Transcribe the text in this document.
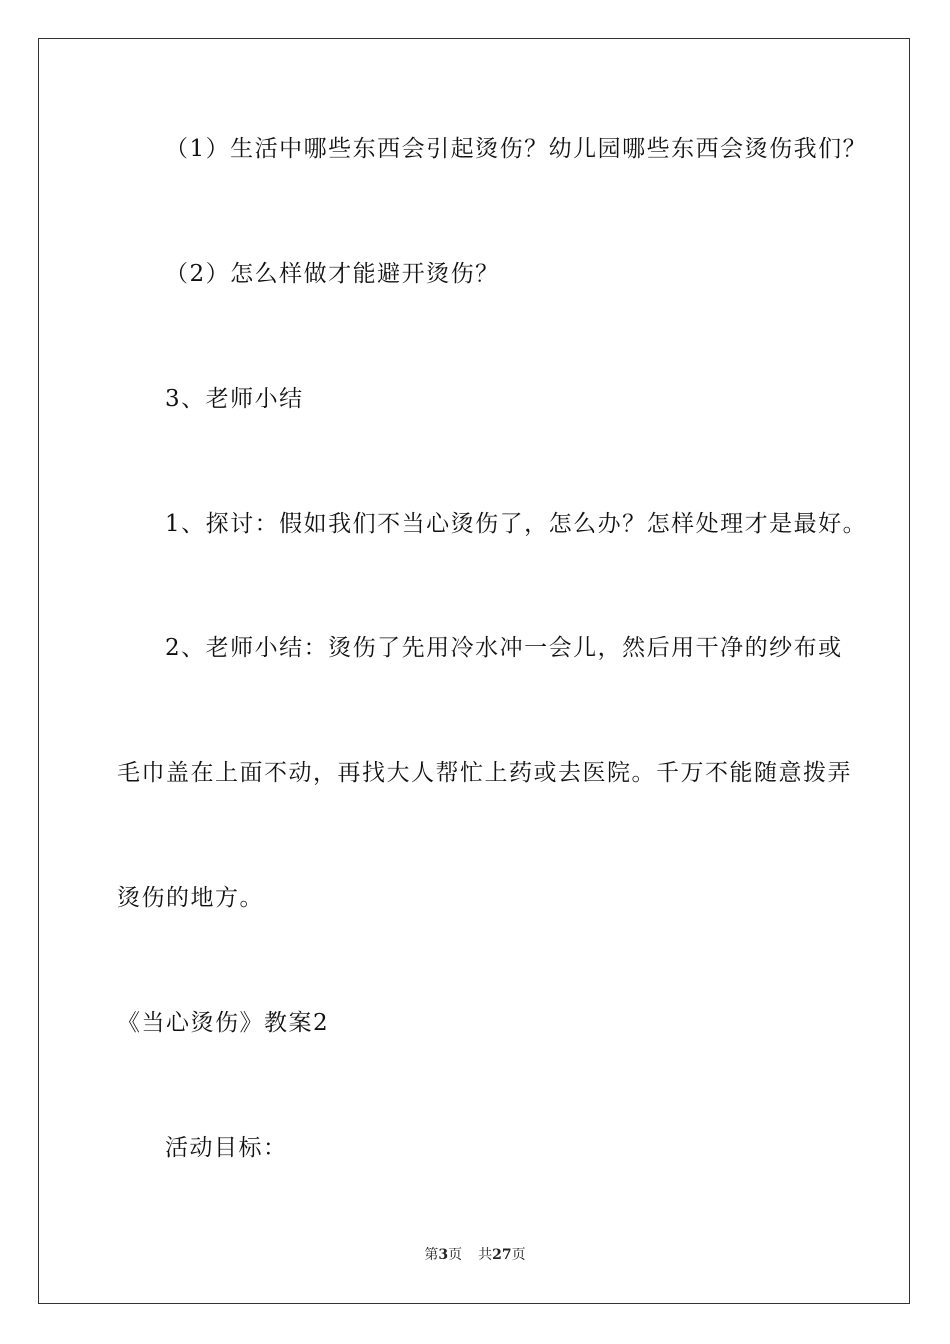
（1）生活中哪些东西会引起烫伤？幼儿园哪些东西会烫伤我们？
（2）怎么样做才能避开烫伤？
3、老师小结
1、探讨：假如我们不当心烫伤了，怎么办？怎样处理才是最好。
2、老师小结：烫伤了先用冷水冲一会儿，然后用干净的纱布或
毛巾盖在上面不动，再找大人帮忙上药或去医院。千万不能随意拨弄
烫伤的地方。
《当心烫伤》教案2
活动目标：
第3页 共27页
